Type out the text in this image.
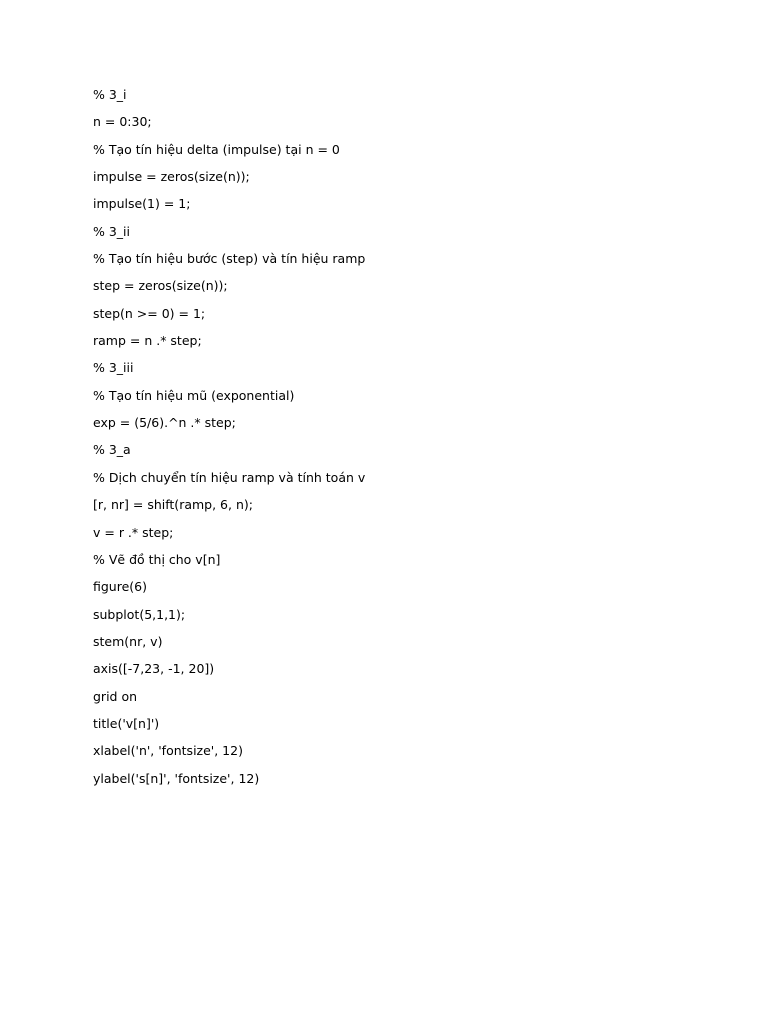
% 3_i

n = 0:30;

% Tạo tín hiệu delta (impulse) tại n = 0

impulse = zeros(size(n));

impulse(1) = 1;

% 3_ii

% Tạo tín hiệu bước (step) và tín hiệu ramp

step = zeros(size(n));

step(n >= 0) = 1;

ramp = n .* step;

% 3_iii

% Tạo tín hiệu mũ (exponential)

exp = (5/6).^n .* step;

% 3_a

% Dịch chuyển tín hiệu ramp và tính toán v

[r, nr] = shift(ramp, 6, n);

v = r .* step;

% Vẽ đồ thị cho v[n]

figure(6)

subplot(5,1,1);

stem(nr, v)

axis([-7,23, -1, 20])

grid on

title('v[n]')

xlabel('n', 'fontsize', 12)

ylabel('s[n]', 'fontsize', 12)
